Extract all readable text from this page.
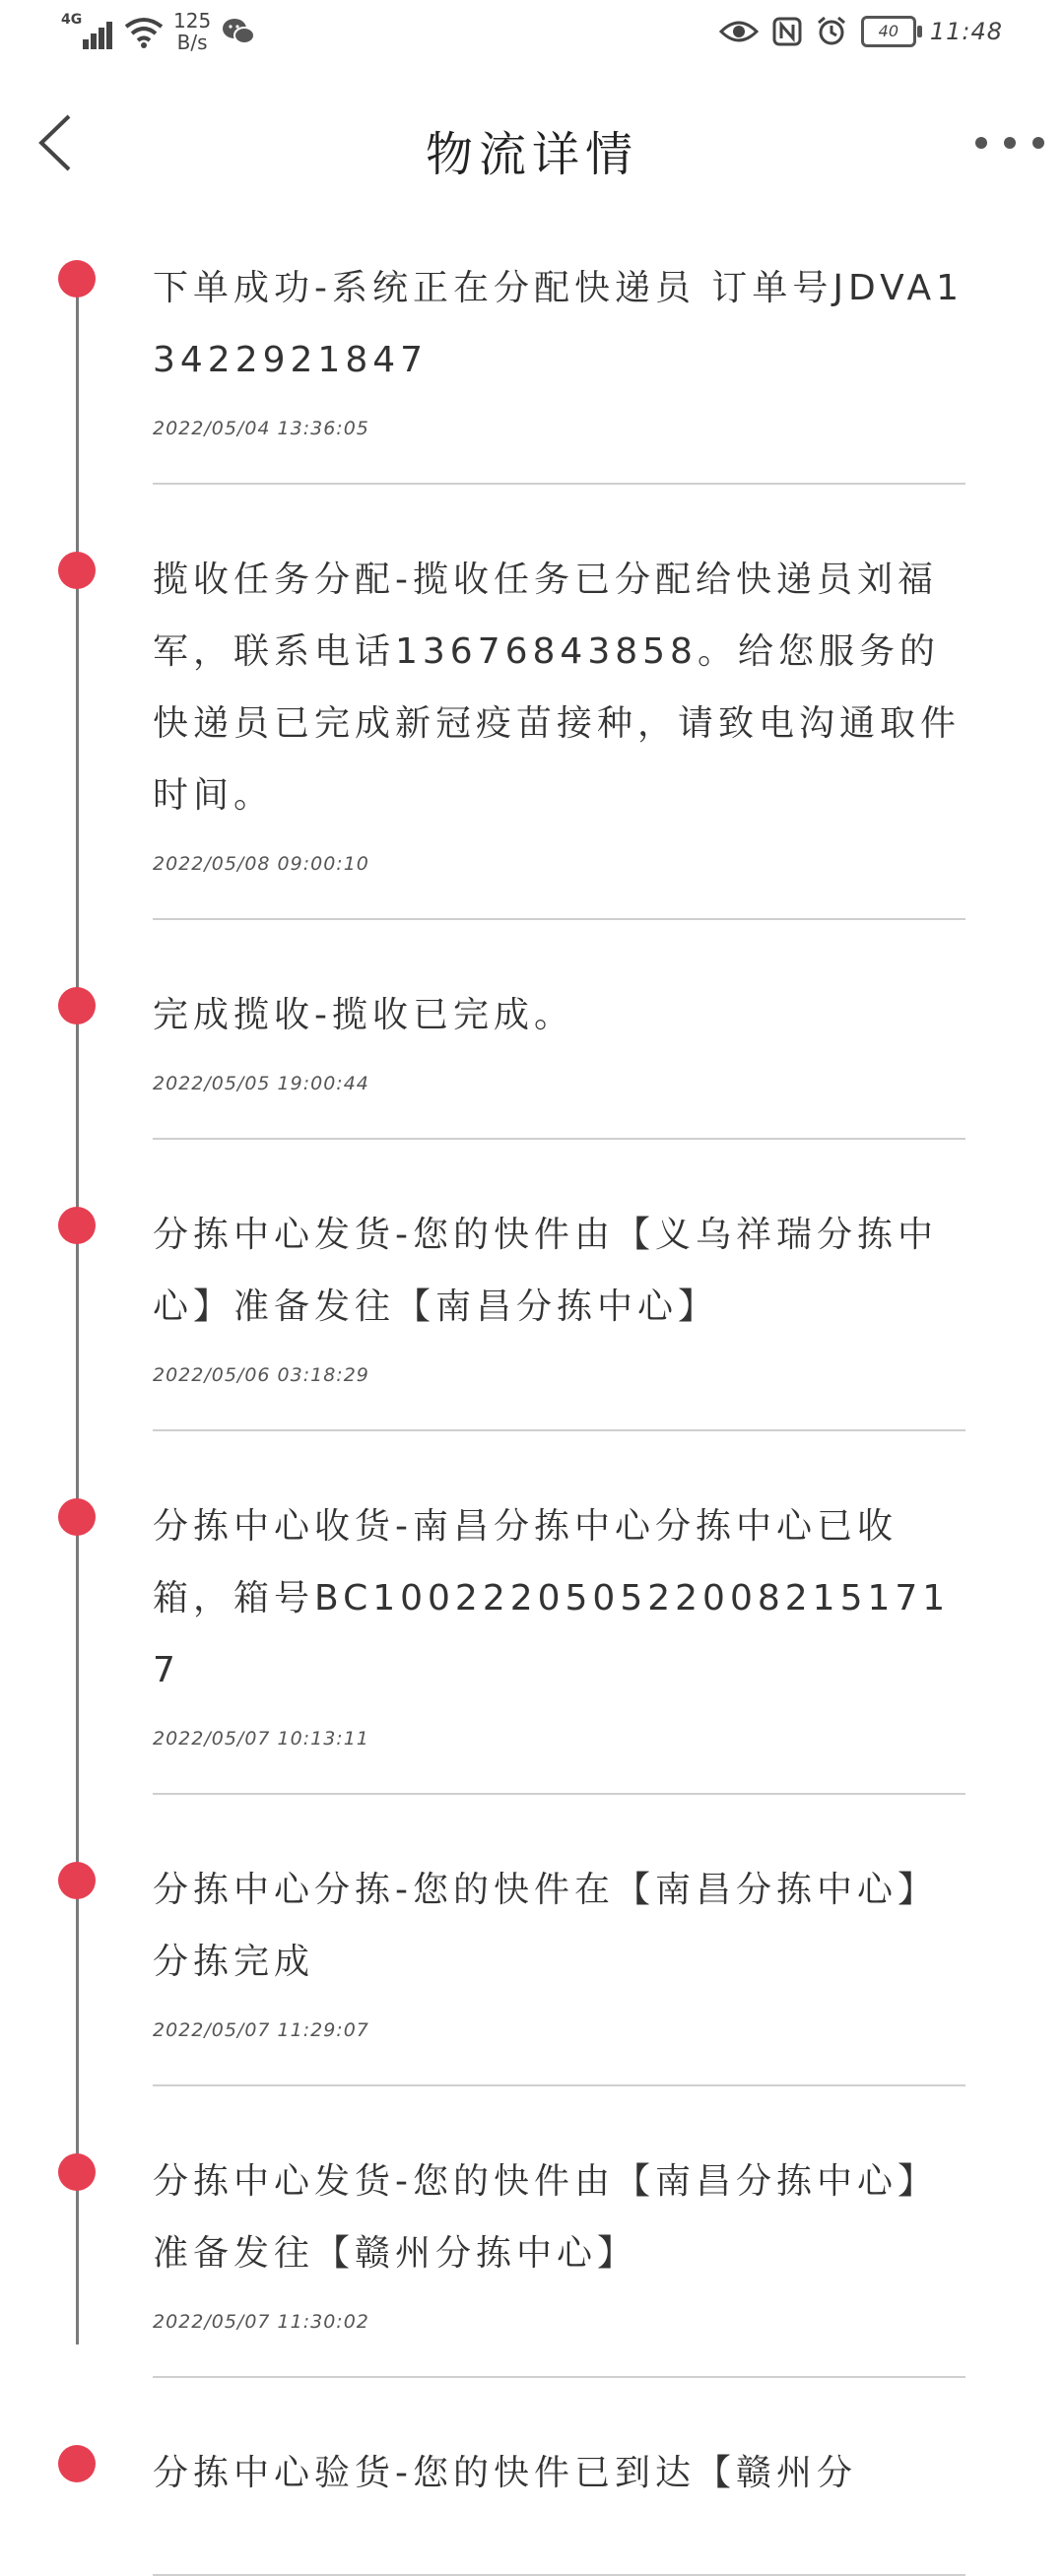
4G	125
B/s	40	11:48
物流详情

下单成功-系统正在分配快递员 订单号JDVA13422921847

2022/05/04 13:36:05

揽收任务分配-揽收任务已分配给快递员刘福军，联系电话13676843858。给您服务的快递员已完成新冠疫苗接种，请致电沟通取件时间。

2022/05/08 09:00:10

完成揽收-揽收已完成。

2022/05/05 19:00:44

分拣中心发货-您的快件由【义乌祥瑞分拣中心】准备发往【南昌分拣中心】

2022/05/06 03:18:29

分拣中心收货-南昌分拣中心分拣中心已收箱，箱号BC1002220505220082151717

2022/05/07 10:13:11

分拣中心分拣-您的快件在【南昌分拣中心】分拣完成

2022/05/07 11:29:07

分拣中心发货-您的快件由【南昌分拣中心】准备发往【赣州分拣中心】

2022/05/07 11:30:02

分拣中心验货-您的快件已到达【赣州分
